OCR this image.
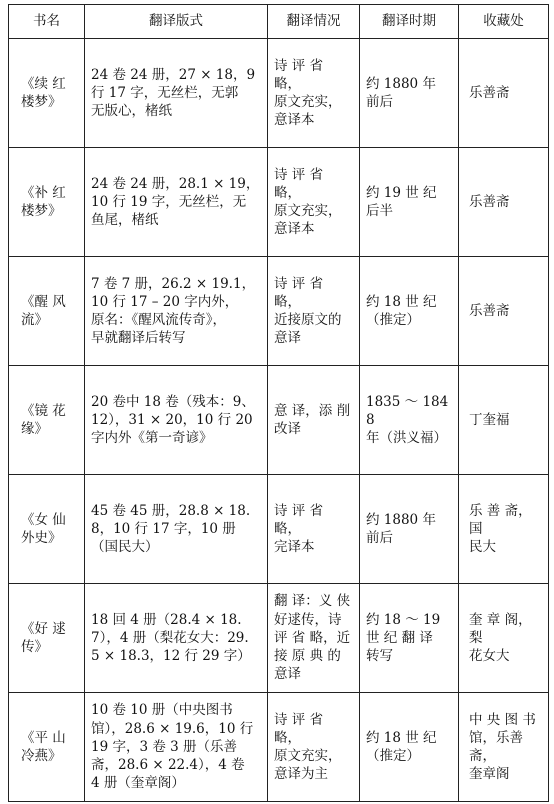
书名	翻译版式	翻译情况	翻译时期	收藏处
《续 红
楼梦》	24 卷 24 册，27 × 18，9
行 17 字，无丝栏，无郭
无版心，楮纸	诗 评 省 略，
原文充实，
意译本	约 1880 年
前后	乐善斋
《补 红
楼梦》	24 卷 24 册，28.1 × 19，
10 行 19 字，无丝栏，无
鱼尾，楮纸	诗 评 省 略，
原文充实，
意译本	约 19 世 纪
后半	乐善斋
《醒 风
流》	7 卷 7 册，26.2 × 19.1，
10 行 17 – 20 字内外，
原名：《醒风流传奇》，
早就翻译后转写	诗 评 省 略，
近接原文的
意译	约 18 世 纪
（推定）	乐善斋
《镜 花
缘》	20 卷中 18 卷（残本：9、
12），31 × 20，10 行 20
字内外《第一奇谚》	意 译，添 削
改译	1835 ～ 1848
年（洪义福）	丁奎福
《女 仙
外史》	45 卷 45 册，28.8 × 18.
8，10 行 17 字，10 册
（国民大）	诗 评 省 略，
完译本	约 1880 年
前后	乐 善 斋，国
民大
《好 逑
传》	18 回 4 册（28.4 × 18.
7），4 册（梨花女大：29.
5 × 18.3，12 行 29 字）	翻 译：义 侠
好逑传，诗
评 省 略，近
接 原 典 的
意译	约 18 ～ 19
世 纪 翻 译
转写	奎 章 阁，梨
花女大
《平 山
冷燕》	10 卷 10 册（中央图书
馆），28.6 × 19.6，10 行
19 字，3 卷 3 册（乐善
斋，28.6 × 22.4），4 卷
4 册（奎章阁）	诗 评 省 略，
原文充实，
意译为主	约 18 世 纪
（推定）	中 央 图 书
馆，乐善斋，
奎章阁
